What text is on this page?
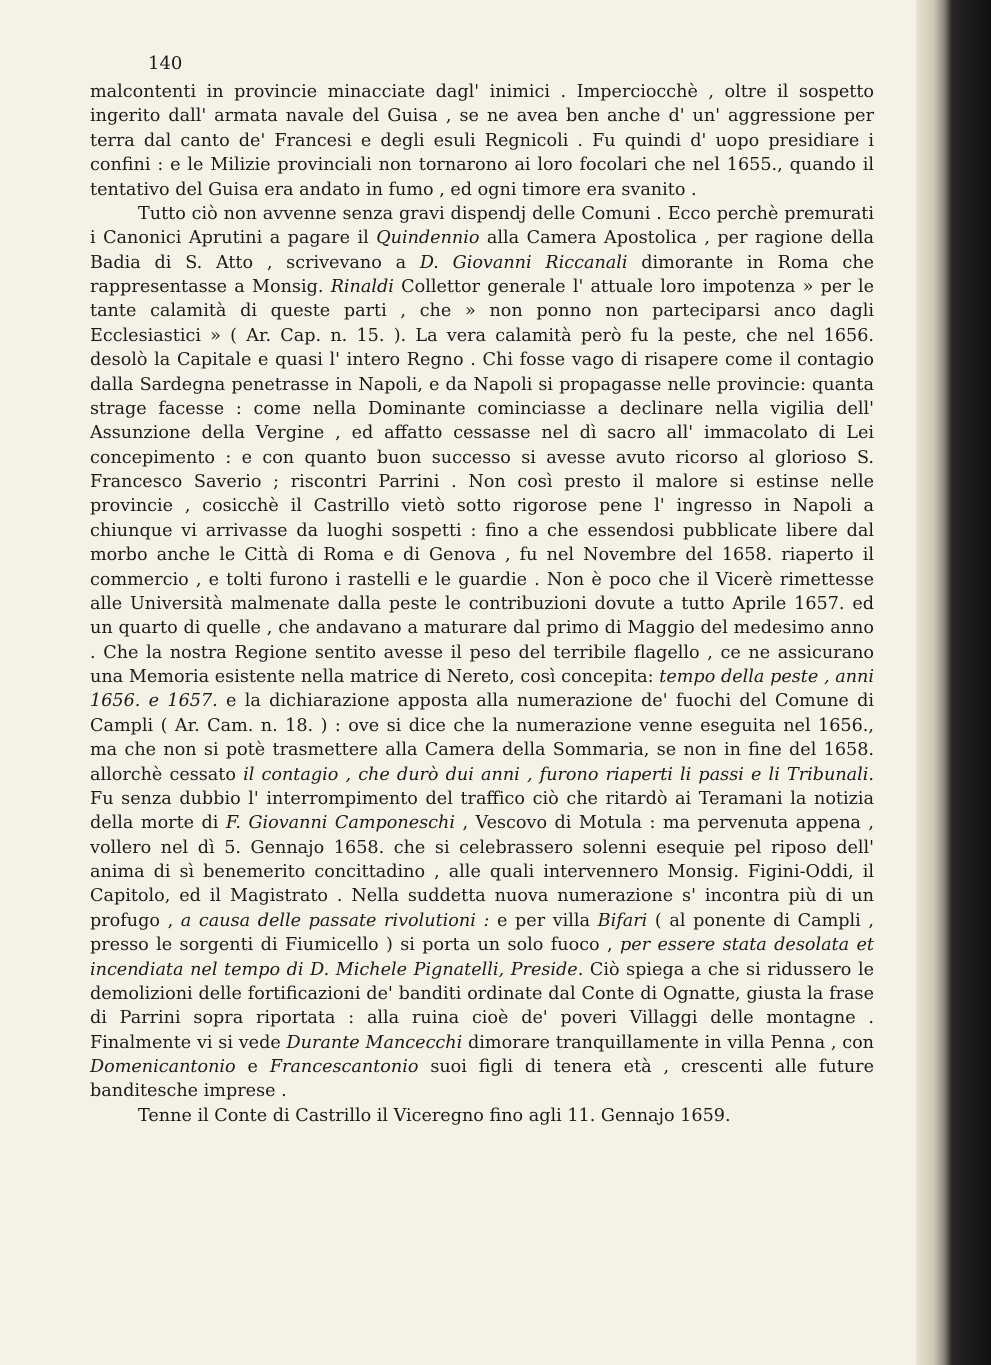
140

malcontenti in provincie minacciate dagl' inimici . Imperciocchè , oltre il sospetto ingerito dall' armata navale del Guisa , se ne avea ben anche d' un' aggressione per terra dal canto de' Francesi e degli esuli Regnicoli . Fu quindi d' uopo presidiare i confini : e le Milizie provinciali non tornarono ai loro focolari che nel 1655., quando il tentativo del Guisa era andato in fumo , ed ogni timore era svanito .

Tutto ciò non avvenne senza gravi dispendj delle Comuni . Ecco perchè premurati i Canonici Aprutini a pagare il Quindennio alla Camera Apostolica , per ragione della Badia di S. Atto , scrivevano a D. Giovanni Riccanali dimorante in Roma che rappresentasse a Monsig. Rinaldi Collettor generale l' attuale loro impotenza » per le tante calamità di queste parti , che » non ponno non parteciparsi anco dagli Ecclesiastici » ( Ar. Cap. n. 15. ). La vera calamità però fu la peste, che nel 1656. desolò la Capitale e quasi l' intero Regno . Chi fosse vago di risapere come il contagio dalla Sardegna penetrasse in Napoli, e da Napoli si propagasse nelle provincie: quanta strage facesse : come nella Dominante cominciasse a declinare nella vigilia dell' Assunzione della Vergine , ed affatto cessasse nel dì sacro all' immacolato di Lei concepimento : e con quanto buon successo si avesse avuto ricorso al glorioso S. Francesco Saverio ; riscontri Parrini . Non così presto il malore si estinse nelle provincie , cosicchè il Castrillo vietò sotto rigorose pene l' ingresso in Napoli a chiunque vi arrivasse da luoghi sospetti : fino a che essendosi pubblicate libere dal morbo anche le Città di Roma e di Genova , fu nel Novembre del 1658. riaperto il commercio , e tolti furono i rastelli e le guardie . Non è poco che il Vicerè rimettesse alle Università malmenate dalla peste le contribuzioni dovute a tutto Aprile 1657. ed un quarto di quelle , che andavano a maturare dal primo di Maggio del medesimo anno . Che la nostra Regione sentito avesse il peso del terribile flagello , ce ne assicurano una Memoria esistente nella matrice di Nereto, così concepita: tempo della peste , anni 1656. e 1657. e la dichiarazione apposta alla numerazione de' fuochi del Comune di Campli ( Ar. Cam. n. 18. ) : ove si dice che la numerazione venne eseguita nel 1656., ma che non si potè trasmettere alla Camera della Sommaria, se non in fine del 1658. allorchè cessato il contagio , che durò dui anni , furono riaperti li passi e li Tribunali. Fu senza dubbio l' interrompimento del traffico ciò che ritardò ai Teramani la notizia della morte di F. Giovanni Camponeschi , Vescovo di Motula : ma pervenuta appena , vollero nel dì 5. Gennajo 1658. che si celebrassero solenni esequie pel riposo dell' anima di sì benemerito concittadino , alle quali intervennero Monsig. Figini-Oddi, il Capitolo, ed il Magistrato . Nella suddetta nuova numerazione s' incontra più di un profugo , a causa delle passate rivolutioni : e per villa Bifari ( al ponente di Campli , presso le sorgenti di Fiumicello ) si porta un solo fuoco , per essere stata desolata et incendiata nel tempo di D. Michele Pignatelli, Preside. Ciò spiega a che si ridussero le demolizioni delle fortificazioni de' banditi ordinate dal Conte di Ognatte, giusta la frase di Parrini sopra riportata : alla ruina cioè de' poveri Villaggi delle montagne . Finalmente vi si vede Durante Mancecchi dimorare tranquillamente in villa Penna , con Domenicantonio e Francescantonio suoi figli di tenera età , crescenti alle future banditesche imprese .

Tenne il Conte di Castrillo il Viceregno fino agli 11. Gennajo 1659.
